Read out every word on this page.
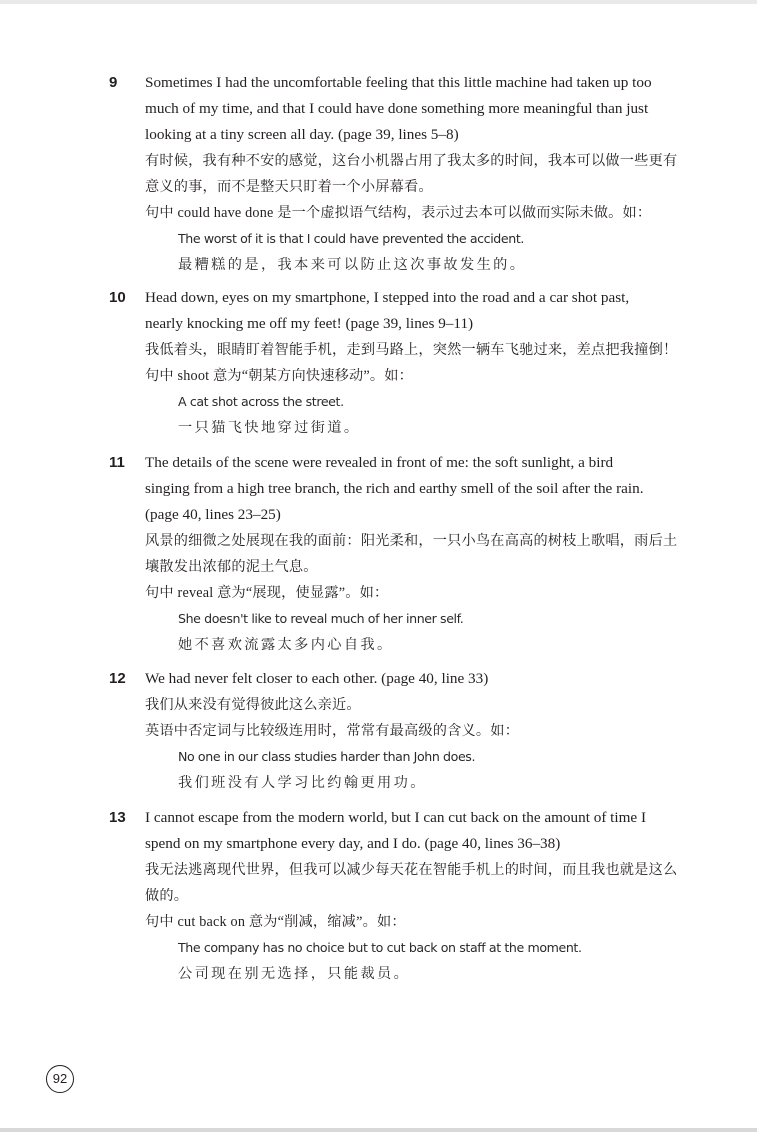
9 Sometimes I had the uncomfortable feeling that this little machine had taken up too

much of my time, and that I could have done something more meaningful than just

looking at a tiny screen all day. (page 39, lines 5–8)

有时候，我有种不安的感觉，这台小机器占用了我太多的时间，我本可以做一些更有

意义的事，而不是整天只盯着一个小屏幕看。

句中 could have done 是一个虚拟语气结构，表示过去本可以做而实际未做。如：

The worst of it is that I could have prevented the accident.

最糟糕的是，我本来可以防止这次事故发生的。

10 Head down, eyes on my smartphone, I stepped into the road and a car shot past,

nearly knocking me off my feet! (page 39, lines 9–11)

我低着头，眼睛盯着智能手机，走到马路上，突然一辆车飞驰过来，差点把我撞倒！

句中 shoot 意为“朝某方向快速移动”。如：

A cat shot across the street.

一只猫飞快地穿过街道。

11 The details of the scene were revealed in front of me: the soft sunlight, a bird

singing from a high tree branch, the rich and earthy smell of the soil after the rain.

(page 40, lines 23–25)

风景的细微之处展现在我的面前：阳光柔和，一只小鸟在高高的树枝上歌唱，雨后土

壤散发出浓郁的泥土气息。

句中 reveal 意为“展现，使显露”。如：

She doesn't like to reveal much of her inner self.

她不喜欢流露太多内心自我。

12 We had never felt closer to each other. (page 40, line 33)

我们从来没有觉得彼此这么亲近。

英语中否定词与比较级连用时，常常有最高级的含义。如：

No one in our class studies harder than John does.

我们班没有人学习比约翰更用功。

13 I cannot escape from the modern world, but I can cut back on the amount of time I

spend on my smartphone every day, and I do. (page 40, lines 36–38)

我无法逃离现代世界，但我可以减少每天花在智能手机上的时间，而且我也就是这么

做的。

句中 cut back on 意为“削减，缩减”。如：

The company has no choice but to cut back on staff at the moment.

公司现在别无选择，只能裁员。

92
